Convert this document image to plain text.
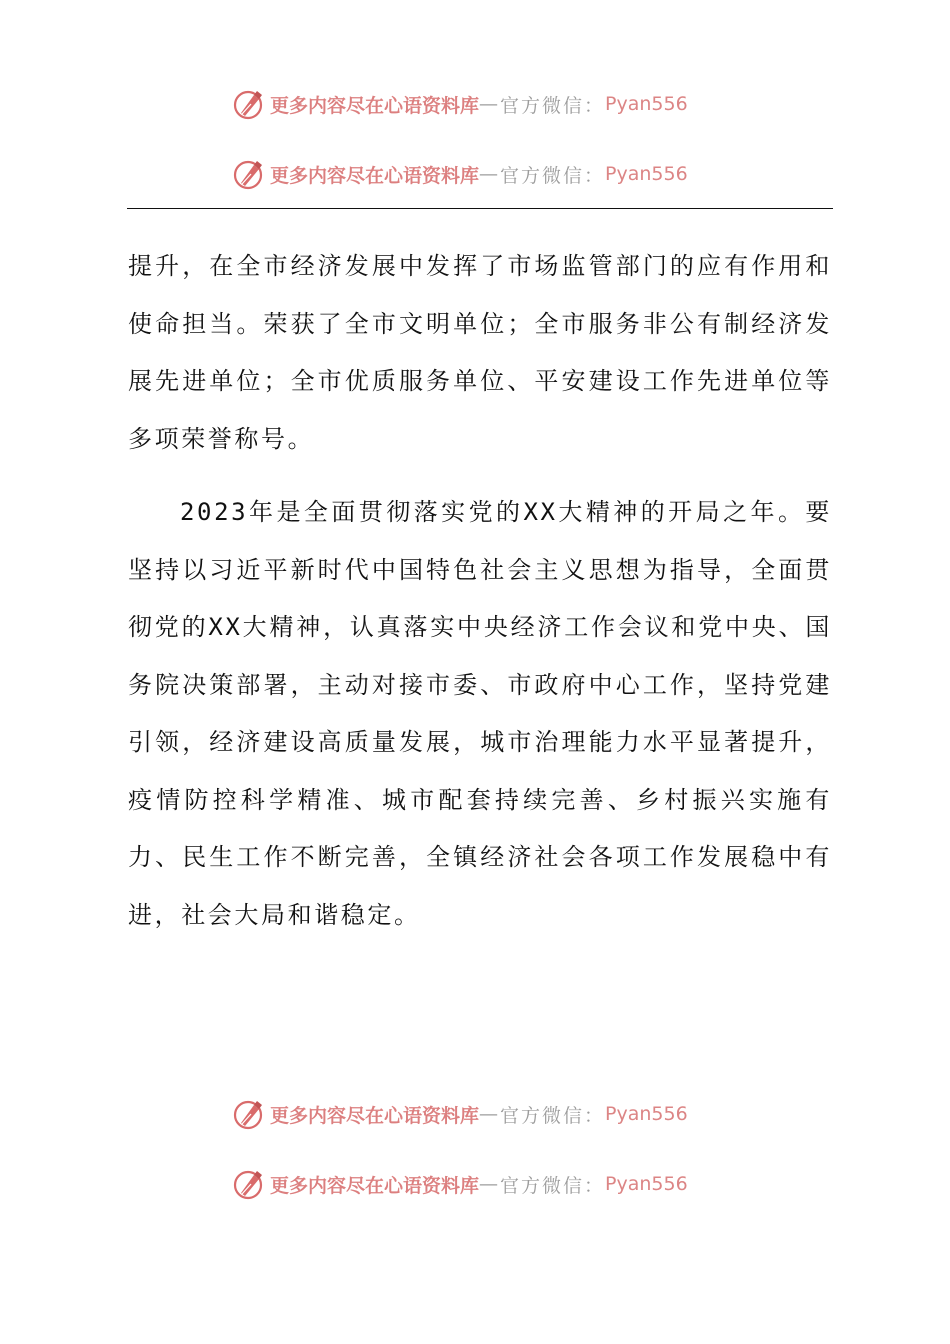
更多内容尽在心语资料库 — 官方微信： Pyan556
更多内容尽在心语资料库 — 官方微信： Pyan556

提升，在全市经济发展中发挥了市场监管部门的应有作用和使命担当。荣获了全市文明单位；全市服务非公有制经济发展先进单位；全市优质服务单位、平安建设工作先进单位等多项荣誉称号。

2023年是全面贯彻落实党的XX大精神的开局之年。要坚持以习近平新时代中国特色社会主义思想为指导，全面贯彻党的XX大精神，认真落实中央经济工作会议和党中央、国务院决策部署，主动对接市委、市政府中心工作，坚持党建引领，经济建设高质量发展，城市治理能力水平显著提升，疫情防控科学精准、城市配套持续完善、乡村振兴实施有力、民生工作不断完善，全镇经济社会各项工作发展稳中有进，社会大局和谐稳定。

更多内容尽在心语资料库 — 官方微信： Pyan556
更多内容尽在心语资料库 — 官方微信： Pyan556
